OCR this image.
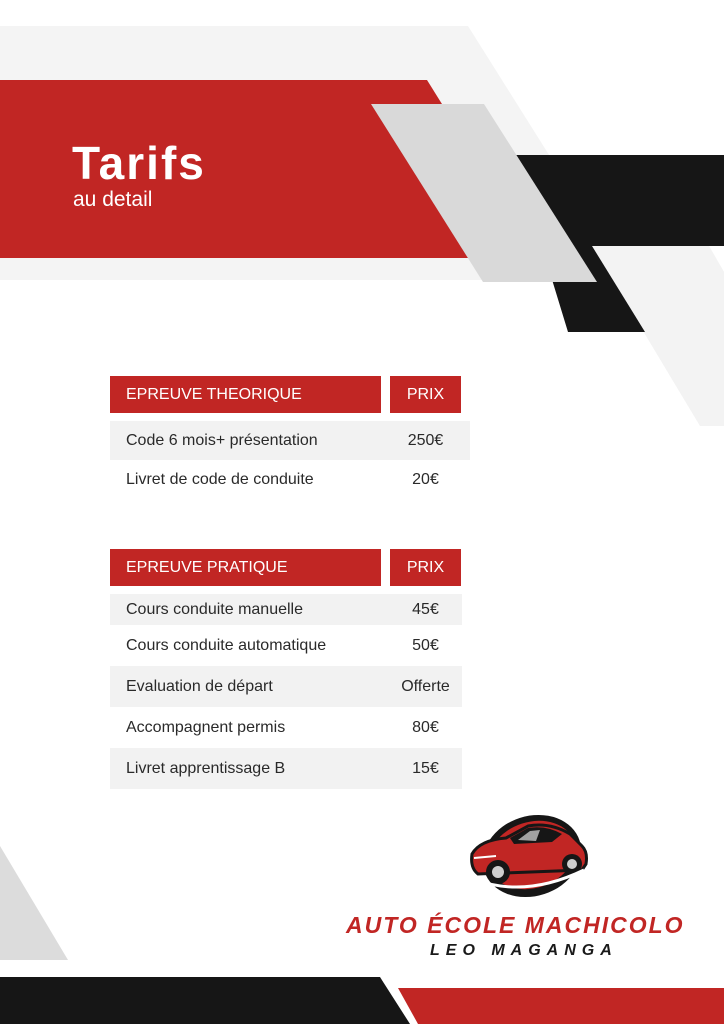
Tarifs
au detail
EPREUVE THEORIQUE	PRIX
Code 6 mois+ présentation	250€
Livret de code de conduite	20€
EPREUVE PRATIQUE	PRIX
Cours conduite manuelle	45€
Cours conduite automatique	50€
Evaluation de départ	Offerte
Accompagnent permis	80€
Livret apprentissage B	15€
AUTO ÉCOLE MACHICOLO
LEO MAGANGA
